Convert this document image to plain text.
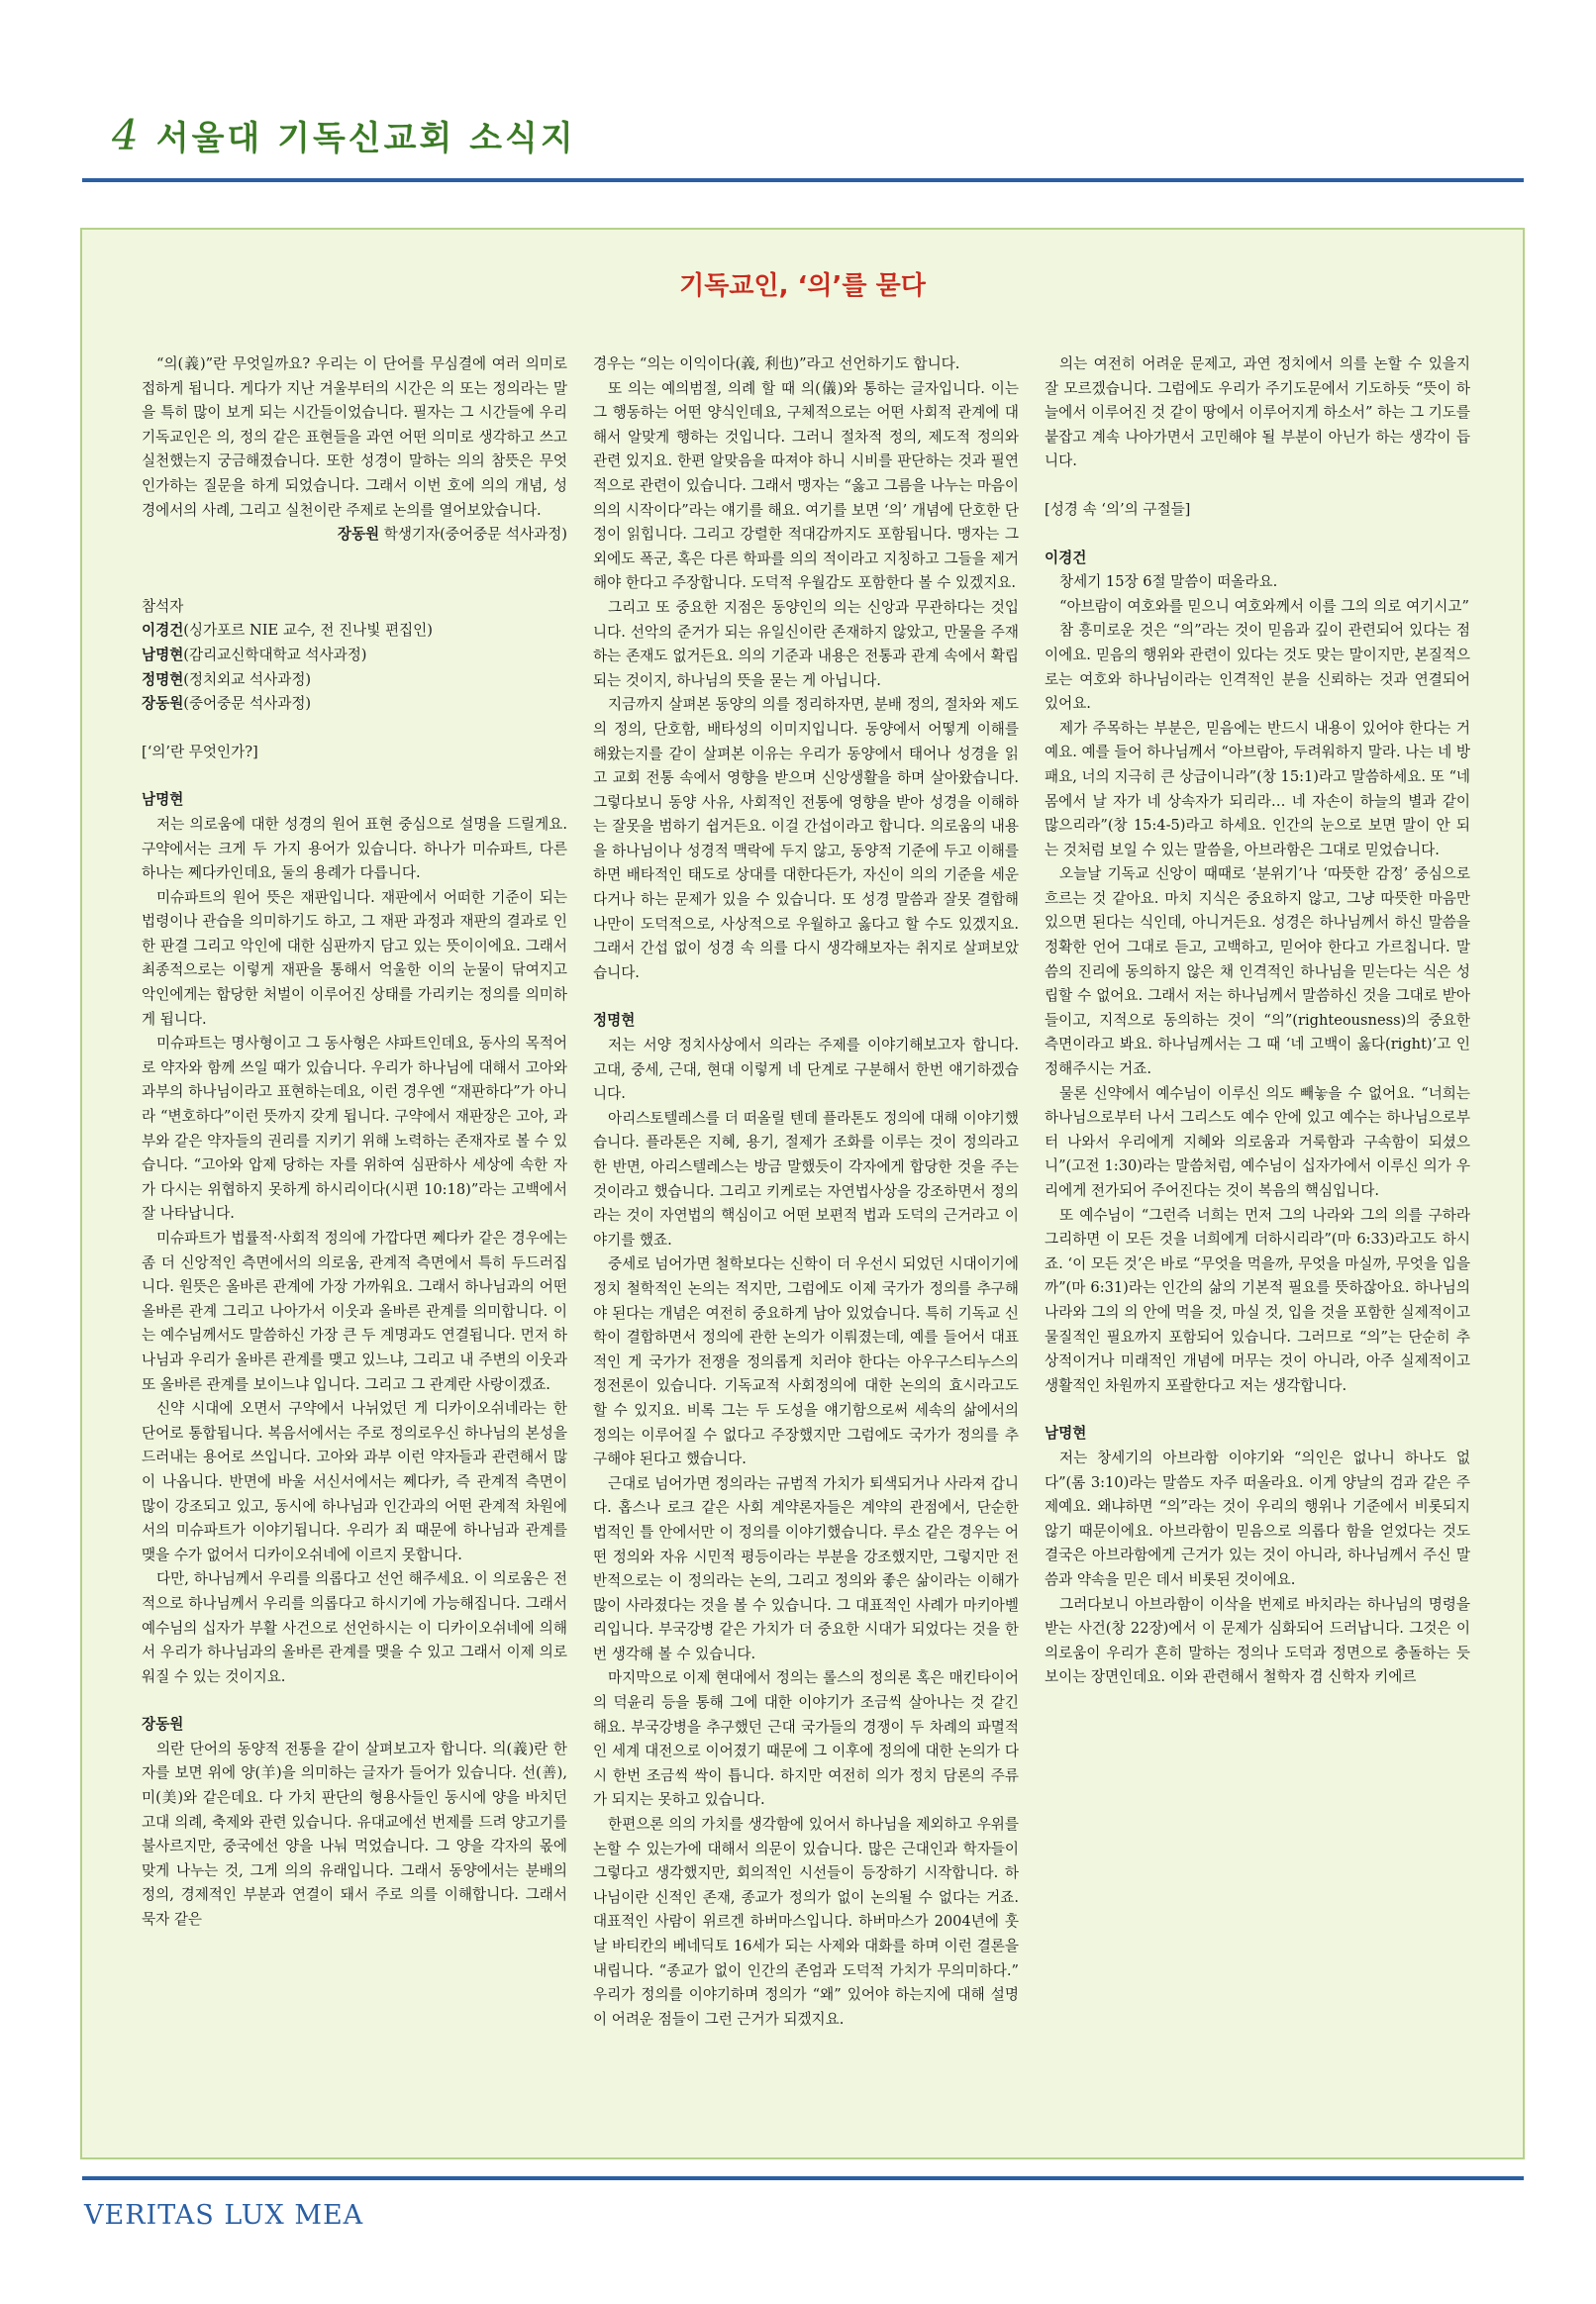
4 서울대 기독신교회 소식지
기독교인, ‘의’를 묻다

“의(義)”란 무엇일까요? 우리는 이 단어를 무심결에 여러 의미로 접하게 됩니다. 게다가 지난 겨울부터의 시간은 의 또는 정의라는 말을 특히 많이 보게 되는 시간들이었습니다. 필자는 그 시간들에 우리 기독교인은 의, 정의 같은 표현들을 과연 어떤 의미로 생각하고 쓰고 실천했는지 궁금해졌습니다. 또한 성경이 말하는 의의 참뜻은 무엇인가하는 질문을 하게 되었습니다. 그래서 이번 호에 의의 개념, 성경에서의 사례, 그리고 실천이란 주제로 논의를 열어보았습니다.

장동원 학생기자(중어중문 석사과정)

참석자

이경건(싱가포르 NIE 교수, 전 진나빛 편집인)

남명현(감리교신학대학교 석사과정)

정명현(정치외교 석사과정)

장동원(중어중문 석사과정)

[‘의’란 무엇인가?]

남명현

저는 의로움에 대한 성경의 원어 표현 중심으로 설명을 드릴게요. 구약에서는 크게 두 가지 용어가 있습니다. 하나가 미슈파트, 다른 하나는 쩨다카인데요, 둘의 용례가 다릅니다.

미슈파트의 원어 뜻은 재판입니다. 재판에서 어떠한 기준이 되는 법령이나 관습을 의미하기도 하고, 그 재판 과정과 재판의 결과로 인한 판결 그리고 악인에 대한 심판까지 담고 있는 뜻이이에요. 그래서 최종적으로는 이렇게 재판을 통해서 억울한 이의 눈물이 닦여지고 악인에게는 합당한 처벌이 이루어진 상태를 가리키는 정의를 의미하게 됩니다.

미슈파트는 명사형이고 그 동사형은 샤파트인데요, 동사의 목적어로 약자와 함께 쓰일 때가 있습니다. 우리가 하나님에 대해서 고아와 과부의 하나님이라고 표현하는데요, 이런 경우엔 “재판하다”가 아니라 “변호하다”이런 뜻까지 갖게 됩니다. 구약에서 재판장은 고아, 과부와 같은 약자들의 권리를 지키기 위해 노력하는 존재자로 볼 수 있습니다. “고아와 압제 당하는 자를 위하여 심판하사 세상에 속한 자가 다시는 위협하지 못하게 하시리이다(시편 10:18)”라는 고백에서 잘 나타납니다.

미슈파트가 법률적·사회적 정의에 가깝다면 쩨다카 같은 경우에는 좀 더 신앙적인 측면에서의 의로움, 관계적 측면에서 특히 두드러집니다. 원뜻은 올바른 관계에 가장 가까워요. 그래서 하나님과의 어떤 올바른 관계 그리고 나아가서 이웃과 올바른 관계를 의미합니다. 이는 예수님께서도 말씀하신 가장 큰 두 계명과도 연결됩니다. 먼저 하나님과 우리가 올바른 관계를 맺고 있느냐, 그리고 내 주변의 이웃과 또 올바른 관계를 보이느냐 입니다. 그리고 그 관계란 사랑이겠죠.

신약 시대에 오면서 구약에서 나뉘었던 게 디카이오쉬네라는 한 단어로 통합됩니다. 복음서에서는 주로 정의로우신 하나님의 본성을 드러내는 용어로 쓰입니다. 고아와 과부 이런 약자들과 관련해서 많이 나옵니다. 반면에 바울 서신서에서는 쩨다카, 즉 관계적 측면이 많이 강조되고 있고, 동시에 하나님과 인간과의 어떤 관계적 차원에서의 미슈파트가 이야기됩니다. 우리가 죄 때문에 하나님과 관계를 맺을 수가 없어서 디카이오쉬네에 이르지 못합니다.

다만, 하나님께서 우리를 의롭다고 선언 해주세요. 이 의로움은 전적으로 하나님께서 우리를 의롭다고 하시기에 가능해집니다. 그래서 예수님의 십자가 부활 사건으로 선언하시는 이 디카이오쉬네에 의해서 우리가 하나님과의 올바른 관계를 맺을 수 있고 그래서 이제 의로워질 수 있는 것이지요.

장동원

의란 단어의 동양적 전통을 같이 살펴보고자 합니다. 의(義)란 한자를 보면 위에 양(羊)을 의미하는 글자가 들어가 있습니다. 선(善), 미(美)와 같은데요. 다 가치 판단의 형용사들인 동시에 양을 바치던 고대 의례, 축제와 관련 있습니다. 유대교에선 번제를 드려 양고기를 불사르지만, 중국에선 양을 나눠 먹었습니다. 그 양을 각자의 몫에 맞게 나누는 것, 그게 의의 유래입니다. 그래서 동양에서는 분배의 정의, 경제적인 부분과 연결이 돼서 주로 의를 이해합니다. 그래서 묵자 같은

경우는 “의는 이익이다(義, 利也)”라고 선언하기도 합니다.

또 의는 예의범절, 의례 할 때 의(儀)와 통하는 글자입니다. 이는 그 행동하는 어떤 양식인데요, 구체적으로는 어떤 사회적 관계에 대해서 알맞게 행하는 것입니다. 그러니 절차적 정의, 제도적 정의와 관련 있지요. 한편 알맞음을 따져야 하니 시비를 판단하는 것과 필연적으로 관련이 있습니다. 그래서 맹자는 “옳고 그름을 나누는 마음이 의의 시작이다”라는 얘기를 해요. 여기를 보면 ‘의’ 개념에 단호한 단정이 읽힙니다. 그리고 강렬한 적대감까지도 포함됩니다. 맹자는 그 외에도 폭군, 혹은 다른 학파를 의의 적이라고 지칭하고 그들을 제거해야 한다고 주장합니다. 도덕적 우월감도 포함한다 볼 수 있겠지요.

그리고 또 중요한 지점은 동양인의 의는 신앙과 무관하다는 것입니다. 선악의 준거가 되는 유일신이란 존재하지 않았고, 만물을 주재하는 존재도 없거든요. 의의 기준과 내용은 전통과 관계 속에서 확립되는 것이지, 하나님의 뜻을 묻는 게 아닙니다.

지금까지 살펴본 동양의 의를 정리하자면, 분배 정의, 절차와 제도의 정의, 단호함, 배타성의 이미지입니다. 동양에서 어떻게 이해를 해왔는지를 같이 살펴본 이유는 우리가 동양에서 태어나 성경을 읽고 교회 전통 속에서 영향을 받으며 신앙생활을 하며 살아왔습니다. 그렇다보니 동양 사유, 사회적인 전통에 영향을 받아 성경을 이해하는 잘못을 범하기 쉽거든요. 이걸 간섭이라고 합니다. 의로움의 내용을 하나님이나 성경적 맥락에 두지 않고, 동양적 기준에 두고 이해를 하면 배타적인 태도로 상대를 대한다든가, 자신이 의의 기준을 세운다거나 하는 문제가 있을 수 있습니다. 또 성경 말씀과 잘못 결합해 나만이 도덕적으로, 사상적으로 우월하고 옳다고 할 수도 있겠지요. 그래서 간섭 없이 성경 속 의를 다시 생각해보자는 취지로 살펴보았습니다.

정명현

저는 서양 정치사상에서 의라는 주제를 이야기해보고자 합니다. 고대, 중세, 근대, 현대 이렇게 네 단계로 구분해서 한번 얘기하겠습니다.

아리스토텔레스를 더 떠올릴 텐데 플라톤도 정의에 대해 이야기했습니다. 플라톤은 지혜, 용기, 절제가 조화를 이루는 것이 정의라고 한 반면, 아리스텔레스는 방금 말했듯이 각자에게 합당한 것을 주는 것이라고 했습니다. 그리고 키케로는 자연법사상을 강조하면서 정의라는 것이 자연법의 핵심이고 어떤 보편적 법과 도덕의 근거라고 이야기를 했죠.

중세로 넘어가면 철학보다는 신학이 더 우선시 되었던 시대이기에 정치 철학적인 논의는 적지만, 그럼에도 이제 국가가 정의를 추구해야 된다는 개념은 여전히 중요하게 남아 있었습니다. 특히 기독교 신학이 결합하면서 정의에 관한 논의가 이뤄졌는데, 예를 들어서 대표적인 게 국가가 전쟁을 정의롭게 치러야 한다는 아우구스티누스의 정전론이 있습니다. 기독교적 사회정의에 대한 논의의 효시라고도 할 수 있지요. 비록 그는 두 도성을 얘기함으로써 세속의 삶에서의 정의는 이루어질 수 없다고 주장했지만 그럼에도 국가가 정의를 추구해야 된다고 했습니다.

근대로 넘어가면 정의라는 규범적 가치가 퇴색되거나 사라져 갑니다. 홉스나 로크 같은 사회 계약론자들은 계약의 관점에서, 단순한 법적인 틀 안에서만 이 정의를 이야기했습니다. 루소 같은 경우는 어떤 정의와 자유 시민적 평등이라는 부분을 강조했지만, 그렇지만 전반적으로는 이 정의라는 논의, 그리고 정의와 좋은 삶이라는 이해가 많이 사라졌다는 것을 볼 수 있습니다. 그 대표적인 사례가 마키아벨리입니다. 부국강병 같은 가치가 더 중요한 시대가 되었다는 것을 한번 생각해 볼 수 있습니다.

마지막으로 이제 현대에서 정의는 롤스의 정의론 혹은 매킨타이어의 덕윤리 등을 통해 그에 대한 이야기가 조금씩 살아나는 것 같긴 해요. 부국강병을 추구했던 근대 국가들의 경쟁이 두 차례의 파멸적인 세계 대전으로 이어졌기 때문에 그 이후에 정의에 대한 논의가 다시 한번 조금씩 싹이 틉니다. 하지만 여전히 의가 정치 담론의 주류가 되지는 못하고 있습니다.

한편으론 의의 가치를 생각함에 있어서 하나님을 제외하고 우위를 논할 수 있는가에 대해서 의문이 있습니다. 많은 근대인과 학자들이 그렇다고 생각했지만, 회의적인 시선들이 등장하기 시작합니다. 하나님이란 신적인 존재, 종교가 정의가 없이 논의될 수 없다는 거죠. 대표적인 사람이 위르겐 하버마스입니다. 하버마스가 2004년에 훗날 바티칸의 베네딕토 16세가 되는 사제와 대화를 하며 이런 결론을 내립니다. “종교가 없이 인간의 존엄과 도덕적 가치가 무의미하다.” 우리가 정의를 이야기하며 정의가 “왜” 있어야 하는지에 대해 설명이 어려운 점들이 그런 근거가 되겠지요.

의는 여전히 어려운 문제고, 과연 정치에서 의를 논할 수 있을지 잘 모르겠습니다. 그럼에도 우리가 주기도문에서 기도하듯 “뜻이 하늘에서 이루어진 것 같이 땅에서 이루어지게 하소서” 하는 그 기도를 붙잡고 계속 나아가면서 고민해야 될 부분이 아닌가 하는 생각이 듭니다.

[성경 속 ‘의’의 구절들]

이경건

창세기 15장 6절 말씀이 떠올라요.

“아브람이 여호와를 믿으니 여호와께서 이를 그의 의로 여기시고”

참 흥미로운 것은 “의”라는 것이 믿음과 깊이 관련되어 있다는 점이에요. 믿음의 행위와 관련이 있다는 것도 맞는 말이지만, 본질적으로는 여호와 하나님이라는 인격적인 분을 신뢰하는 것과 연결되어 있어요.

제가 주목하는 부분은, 믿음에는 반드시 내용이 있어야 한다는 거예요. 예를 들어 하나님께서 “아브람아, 두려워하지 말라. 나는 네 방패요, 너의 지극히 큰 상급이니라”(창 15:1)라고 말씀하세요. 또 “네 몸에서 날 자가 네 상속자가 되리라… 네 자손이 하늘의 별과 같이 많으리라”(창 15:4-5)라고 하세요. 인간의 눈으로 보면 말이 안 되는 것처럼 보일 수 있는 말씀을, 아브라함은 그대로 믿었습니다.

오늘날 기독교 신앙이 때때로 ‘분위기’나 ‘따뜻한 감정’ 중심으로 흐르는 것 같아요. 마치 지식은 중요하지 않고, 그냥 따뜻한 마음만 있으면 된다는 식인데, 아니거든요. 성경은 하나님께서 하신 말씀을 정확한 언어 그대로 듣고, 고백하고, 믿어야 한다고 가르칩니다. 말씀의 진리에 동의하지 않은 채 인격적인 하나님을 믿는다는 식은 성립할 수 없어요. 그래서 저는 하나님께서 말씀하신 것을 그대로 받아들이고, 지적으로 동의하는 것이 “의”(righteousness)의 중요한 측면이라고 봐요. 하나님께서는 그 때 ‘네 고백이 옳다(right)’고 인정해주시는 거죠.

물론 신약에서 예수님이 이루신 의도 빼놓을 수 없어요. “너희는 하나님으로부터 나서 그리스도 예수 안에 있고 예수는 하나님으로부터 나와서 우리에게 지혜와 의로움과 거룩함과 구속함이 되셨으니”(고전 1:30)라는 말씀처럼, 예수님이 십자가에서 이루신 의가 우리에게 전가되어 주어진다는 것이 복음의 핵심입니다.

또 예수님이 “그런즉 너희는 먼저 그의 나라와 그의 의를 구하라 그리하면 이 모든 것을 너희에게 더하시리라”(마 6:33)라고도 하시죠. ‘이 모든 것’은 바로 “무엇을 먹을까, 무엇을 마실까, 무엇을 입을까”(마 6:31)라는 인간의 삶의 기본적 필요를 뜻하잖아요. 하나님의 나라와 그의 의 안에 먹을 것, 마실 것, 입을 것을 포함한 실제적이고 물질적인 필요까지 포함되어 있습니다. 그러므로 “의”는 단순히 추상적이거나 미래적인 개념에 머무는 것이 아니라, 아주 실제적이고 생활적인 차원까지 포괄한다고 저는 생각합니다.

남명현

저는 창세기의 아브라함 이야기와 “의인은 없나니 하나도 없다”(롬 3:10)라는 말씀도 자주 떠올라요. 이게 양날의 검과 같은 주제예요. 왜냐하면 “의”라는 것이 우리의 행위나 기준에서 비롯되지 않기 때문이에요. 아브라함이 믿음으로 의롭다 함을 얻었다는 것도 결국은 아브라함에게 근거가 있는 것이 아니라, 하나님께서 주신 말씀과 약속을 믿은 데서 비롯된 것이에요.

그러다보니 아브라함이 이삭을 번제로 바치라는 하나님의 명령을 받는 사건(창 22장)에서 이 문제가 심화되어 드러납니다. 그것은 이 의로움이 우리가 흔히 말하는 정의나 도덕과 정면으로 충돌하는 듯 보이는 장면인데요. 이와 관련해서 철학자 겸 신학자 키에르

VERITAS LUX MEA
